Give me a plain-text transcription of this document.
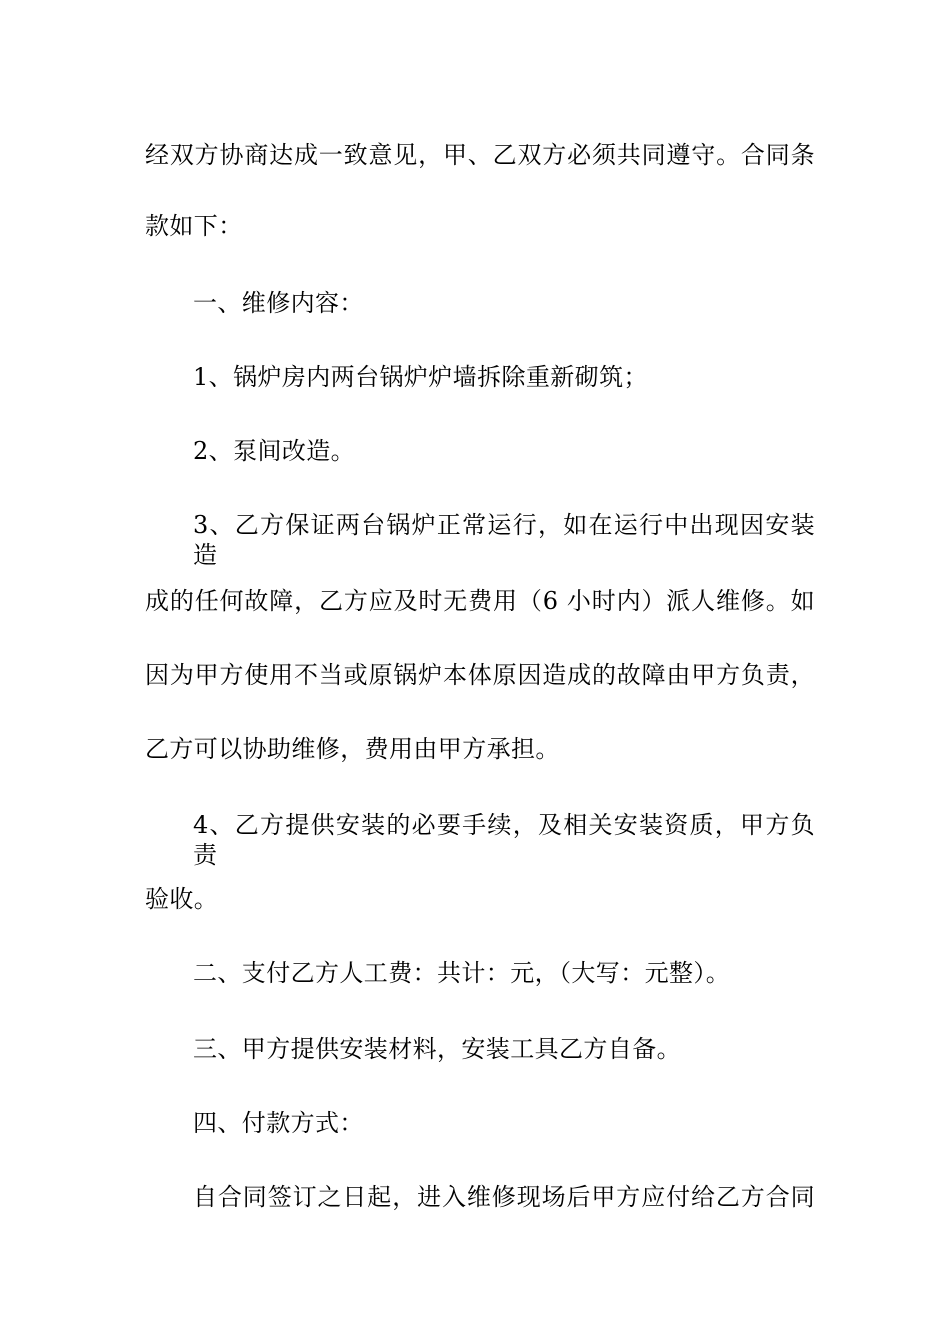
经双方协商达成一致意见，甲、乙双方必须共同遵守。合同条
款如下：
一、维修内容：
1、锅炉房内两台锅炉炉墙拆除重新砌筑；
2、泵间改造。
3、乙方保证两台锅炉正常运行，如在运行中出现因安装造
成的任何故障，乙方应及时无费用（6 小时内）派人维修。如
因为甲方使用不当或原锅炉本体原因造成的故障由甲方负责，
乙方可以协助维修，费用由甲方承担。
4、乙方提供安装的必要手续，及相关安装资质，甲方负责
验收。
二、支付乙方人工费：共计：元，（大写：元整）。
三、甲方提供安装材料，安装工具乙方自备。
四、付款方式：
自合同签订之日起，进入维修现场后甲方应付给乙方合同
